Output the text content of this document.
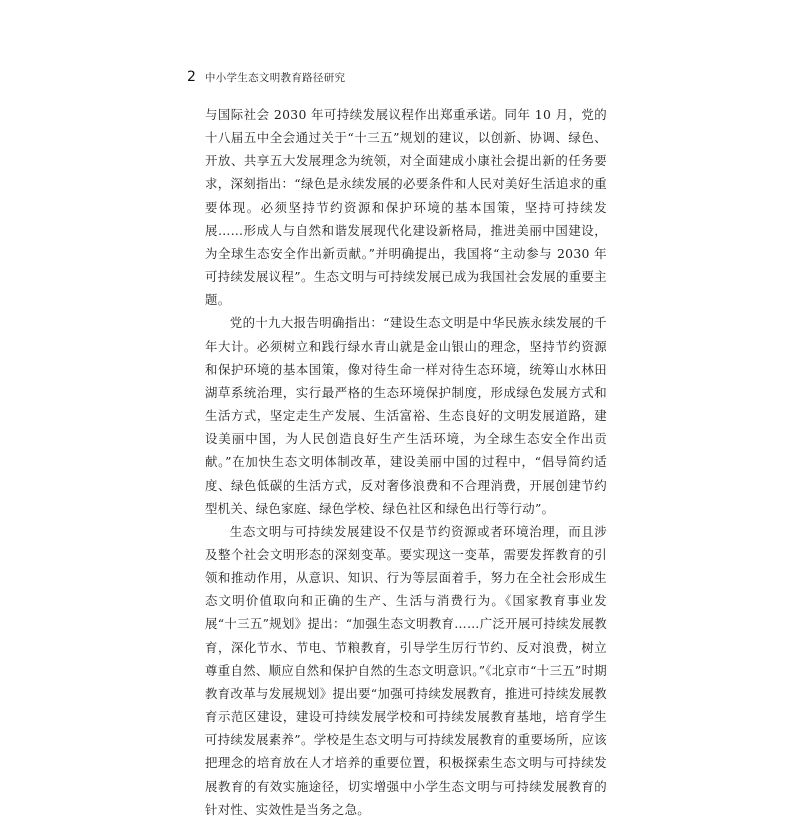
2 中小学生态文明教育路径研究

与国际社会 2030 年可持续发展议程作出郑重承诺。同年 10 月，党的十八届五中全会通过关于“十三五”规划的建议，以创新、协调、绿色、开放、共享五大发展理念为统领，对全面建成小康社会提出新的任务要求，深刻指出：“绿色是永续发展的必要条件和人民对美好生活追求的重要体现。必须坚持节约资源和保护环境的基本国策，坚持可持续发展……形成人与自然和谐发展现代化建设新格局，推进美丽中国建设，为全球生态安全作出新贡献。”并明确提出，我国将“主动参与 2030 年可持续发展议程”。生态文明与可持续发展已成为我国社会发展的重要主题。

党的十九大报告明确指出：“建设生态文明是中华民族永续发展的千年大计。必须树立和践行绿水青山就是金山银山的理念，坚持节约资源和保护环境的基本国策，像对待生命一样对待生态环境，统筹山水林田湖草系统治理，实行最严格的生态环境保护制度，形成绿色发展方式和生活方式，坚定走生产发展、生活富裕、生态良好的文明发展道路，建设美丽中国，为人民创造良好生产生活环境，为全球生态安全作出贡献。”在加快生态文明体制改革，建设美丽中国的过程中，“倡导简约适度、绿色低碳的生活方式，反对奢侈浪费和不合理消费，开展创建节约型机关、绿色家庭、绿色学校、绿色社区和绿色出行等行动”。

生态文明与可持续发展建设不仅是节约资源或者环境治理，而且涉及整个社会文明形态的深刻变革。要实现这一变革，需要发挥教育的引领和推动作用，从意识、知识、行为等层面着手，努力在全社会形成生态文明价值取向和正确的生产、生活与消费行为。《国家教育事业发展“十三五”规划》提出：“加强生态文明教育……广泛开展可持续发展教育，深化节水、节电、节粮教育，引导学生厉行节约、反对浪费，树立尊重自然、顺应自然和保护自然的生态文明意识。”《北京市“十三五”时期教育改革与发展规划》提出要“加强可持续发展教育，推进可持续发展教育示范区建设，建设可持续发展学校和可持续发展教育基地，培育学生可持续发展素养”。学校是生态文明与可持续发展教育的重要场所，应该把理念的培育放在人才培养的重要位置，积极探索生态文明与可持续发展教育的有效实施途径，切实增强中小学生态文明与可持续发展教育的针对性、实效性是当务之急。
